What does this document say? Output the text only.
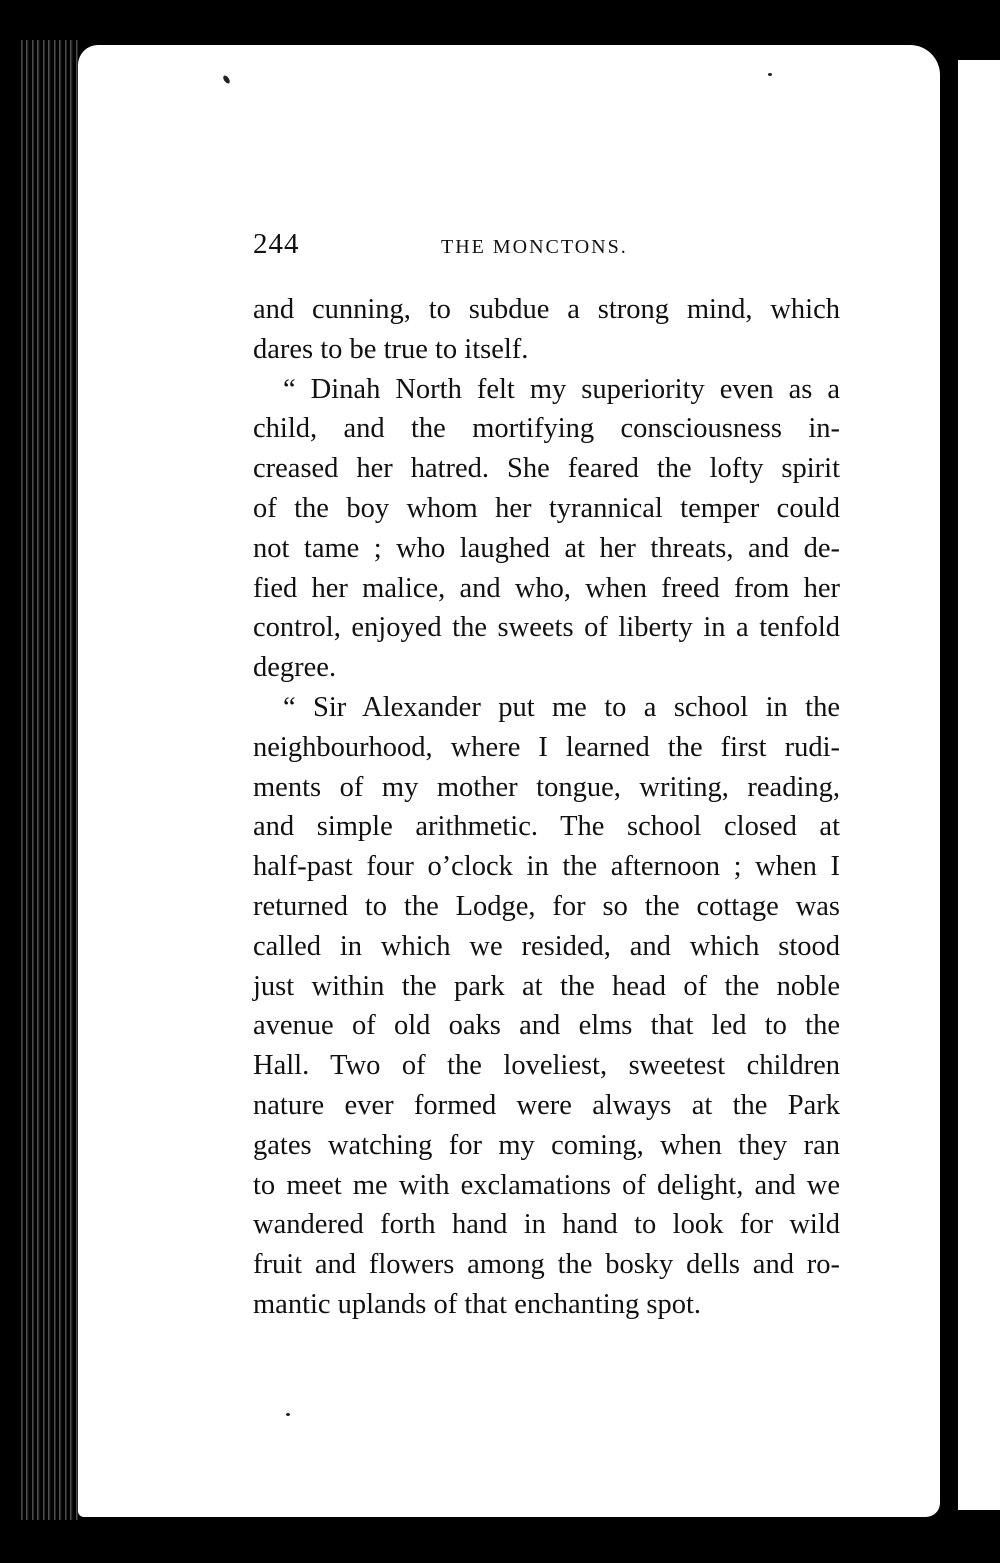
244	THE MONCTONS.
and cunning, to subdue a strong mind, which
dares to be true to itself.
“ Dinah North felt my superiority even as a
child, and the mortifying consciousness in-
creased her hatred. She feared the lofty spirit
of the boy whom her tyrannical temper could
not tame ; who laughed at her threats, and de-
fied her malice, and who, when freed from her
control, enjoyed the sweets of liberty in a tenfold
degree.
“ Sir Alexander put me to a school in the
neighbourhood, where I learned the first rudi-
ments of my mother tongue, writing, reading,
and simple arithmetic. The school closed at
half-past four o’clock in the afternoon ; when I
returned to the Lodge, for so the cottage was
called in which we resided, and which stood
just within the park at the head of the noble
avenue of old oaks and elms that led to the
Hall. Two of the loveliest, sweetest children
nature ever formed were always at the Park
gates watching for my coming, when they ran
to meet me with exclamations of delight, and we
wandered forth hand in hand to look for wild
fruit and flowers among the bosky dells and ro-
mantic uplands of that enchanting spot.
